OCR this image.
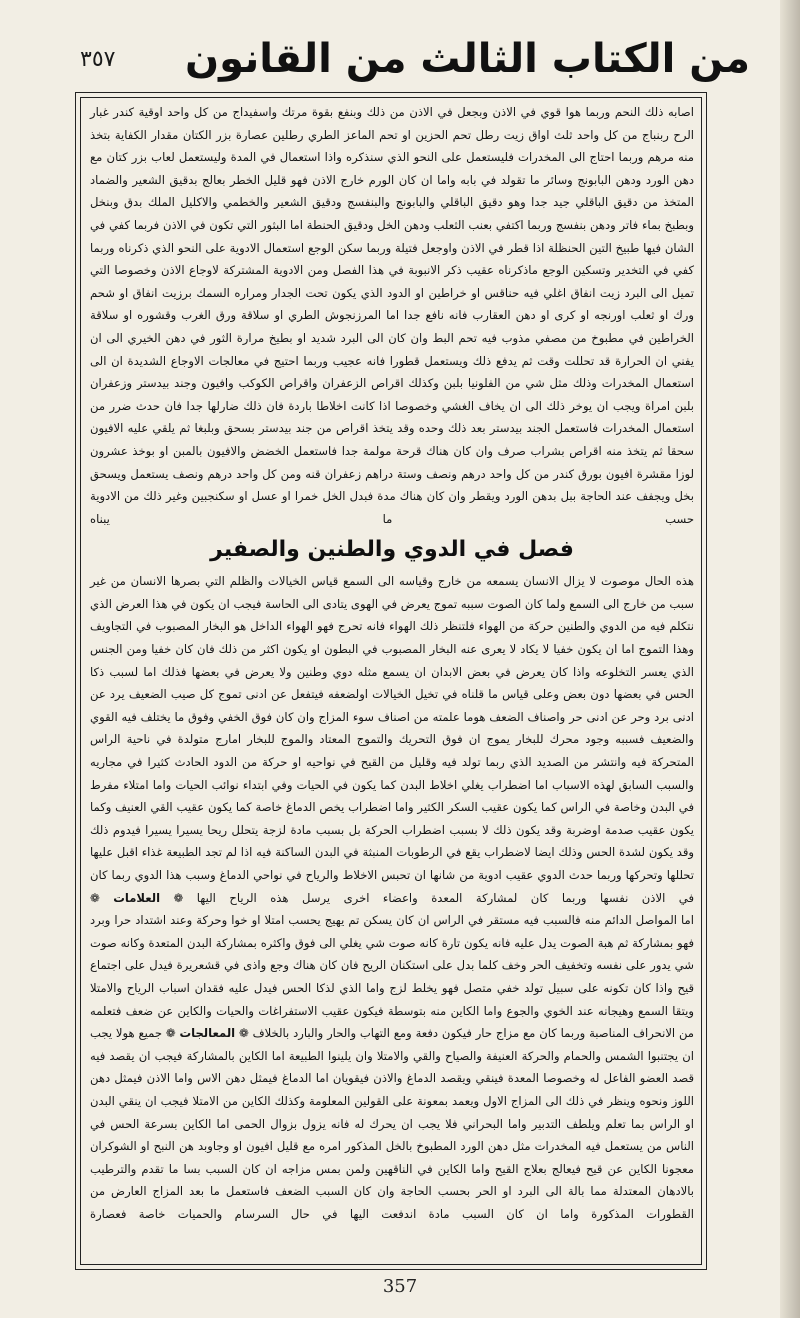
٣٥٧ من الكتاب الثالث من القانون

اصابه ذلك النحم وربما هوا قوي في الاذن وبجعل في الاذن من ذلك وبنفع بقوة مرتك واسفيداج من كل واحد اوقية كندر غبار الرح ربنباج من كل واحد ثلث اواق زيت رطل تحم الحزين او تحم الماعز الطري رطلين عصارة بزر الكتان مقدار الكفاية بتخذ منه مرهم وربما احتاج الى المخدرات فليستعمل على النحو الذي سنذكره واذا استعمال في المدة وليستعمل لعاب بزر كتان مع دهن الورد ودهن البابونج وسائر ما تقولد في بابه واما ان كان الورم خارج الاذن فهو قليل الخطر بعالج بدقيق الشعير والضماد المتخذ من دقيق الباقلي جيد جدا وهو دقيق الباقلي والبابونج والبنفسج ودقيق الشعير والخطمي والاكليل الملك بدق وبنخل وبطبخ بماء فاتر ودهن بنفسج وربما اكتفي بعنب الثعلب ودهن الخل ودقيق الحنطة اما البثور التي تكون في الاذن فربما كفي في الشان فيها طبيخ التين الحنظلة اذا قطر في الاذن واوجعل فتيلة وربما سكن الوجع استعمال الادوية على النحو الذي ذكرناه وربما كفي في التخدير وتسكين الوجع ماذكرناه عقيب ذكر الانبوبة في هذا الفصل ومن الادوية المشتركة لاوجاع الاذن وخصوصا التي تميل الى البرد زيت انفاق اغلي فيه حناقس او خراطين او الدود الذي يكون تحت الجدار ومراره السمك برزيت انفاق او شحم ورك او ثعلب اورنجه او كرى او دهن العقارب فانه نافع جدا اما المرزنجوش الطري او سلاقة ورق الغرب وقشوره او سلاقة الخراطين في مطبوخ من مصفي مذوب فيه تحم البط وان كان الى البرد شديد او بطيخ مرارة الثور في دهن الخيري الى ان يفني ان الحرارة قد تحللت وقت ثم يدفع ذلك ويستعمل قطورا فانه عجيب وربما احتيج في معالجات الاوجاع الشديدة ان الى استعمال المخدرات وذلك مثل شي من الفلونيا بلبن وكذلك اقراص الزعفران واقراص الكوكب وافيون وجند بيدستر وزعفران بلبن امراة ويجب ان يوخر ذلك الى ان يخاف الغشي وخصوصا اذا كانت اخلاطا باردة فان ذلك ضارلها جدا فان حدث ضرر من استعمال المخدرات فاستعمل الجند بيدستر بعد ذلك وحده وقد يتخذ اقراص من جند بيدستر بسحق وبلبغا ثم يلقي عليه الافيون سحقا ثم يتخذ منه اقراص بشراب صرف وان كان هناك قرحة مولمة جدا فاستعمل الخضض والافيون بالمبن او بوخذ عشرون لوزا مقشرة افيون بورق كندر من كل واحد درهم ونصف وستة دراهم زعفران قنه ومن كل واحد درهم ونصف يستعمل ويسحق بخل ويجفف عند الحاجة ببل بدهن الورد ويقطر وان كان هناك مدة فبدل الخل خمرا او عسل او سكنجبين وغير ذلك من الادوية حسب ما يبناه

فصل في الدوي والطنين والصفير

هذه الحال موصوت لا يزال الانسان يسمعه من خارج وقياسه الى السمع قياس الخيالات والظلم التي بصرها الانسان من غير سبب من خارج الى السمع ولما كان الصوت سببه تموج يعرض في الهوى يتادى الى الحاسة فيجب ان يكون في هذا العرض الذي نتكلم فيه من الدوي والطنين حركة من الهواء فلتنظر ذلك الهواء فانه تحرج فهو الهواء الداخل هو البخار المصبوب في التجاويف وهذا التموج اما ان يكون خفيا لا يكاد لا يعرى عنه البخار المصبوب في البطون او يكون اكثر من ذلك فان كان خفيا ومن الجنس الذي يعسر التخلوعه واذا كان يعرض في بعض الابدان ان يسمع مثله دوي وطنين ولا يعرض في بعضها فذلك اما لسبب ذكا الحس في بعضها دون بعض وعلى قياس ما قلناه في تخيل الخيالات اولضعفه فيتفعل عن ادنى تموج كل صيب الضعيف يرد عن ادنى برد وحر عن ادنى حر واصناف الضعف هوما علمته من اصناف سوء المزاج وان كان فوق الخفي وفوق ما يختلف فيه القوي والضعيف فسببه وجود محرك للبخار يموج ان فوق التحريك والتموج المعتاد والموج للبخار امارج متولدة في ناحية الراس المتحركة فيه وانتشر من الصديد الذي ربما تولد فيه وقليل من القيح في نواحيه او حركة من الدود الحادث كثيرا في مجاريه والسبب السابق لهذه الاسباب اما اضطراب يغلي اخلاط البدن كما يكون في الحيات وفي ابتداء نوائب الحيات واما امتلاء مفرط في البدن وخاصة في الراس كما يكون عقيب السكر الكثير واما اضطراب يخص الدماغ خاصة كما يكون عقيب القي العنيف وكما يكون عقيب صدمة اوضربة وقد يكون ذلك لا بسبب اضطراب الحركة بل بسبب مادة لزجة يتحلل ريحا يسيرا يسيرا فيدوم ذلك وقد يكون لشدة الحس وذلك ايضا لاضطراب يقع في الرطوبات المنبثة في البدن الساكنة فيه اذا لم تجد الطبيعة غذاء اقبل عليها تحللها وتحركها وربما حدث الدوي عقيب ادوية من شانها ان تحبس الاخلاط والرياح في نواحي الدماغ وسبب هذا الدوي ربما كان في الاذن نفسها وربما كان لمشاركة المعدة واعضاء اخرى يرسل هذه الرياح اليها ❁ العلامات ❁

اما المواصل الدائم منه فالسبب فيه مستقر في الراس ان كان يسكن تم يهيج يحسب امتلا او خوا وحركة وعند اشتداد حرا وبرد فهو بمشاركة ثم هبة الصوت يدل عليه فانه يكون تارة كانه صوت شي يغلي الى فوق واكثره بمشاركة البدن المتعدة وكانه صوت شي يدور على نفسه وتخفيف الحر وخف كلما بدل على استكنان الريح فان كان هناك وجع واذى في قشعريرة فيدل على اجتماع قيح واذا كان تكونه على سبيل تولد خفي متصل فهو يخلط لزج واما الذي لذكا الحس فيدل عليه فقدان اسباب الرياح والامتلا ويتقا السمع وهيجانه عند الخوي والجوع واما الكاين منه بتوسطة فيكون عقيب الاستفراغات والحيات والكاين عن ضعف فتعلمه من الانحراف المناصبة وربما كان مع مزاج حار فيكون دفعة ومع التهاب والحار والبارد بالخلاف ❁ المعالجات ❁ جميع هولا يجب ان يجتنبوا الشمس والحمام والحركة العنيفة والصياح والقي والامتلا وان يلينوا الطبيعة اما الكاين بالمشاركة فيجب ان يقصد فيه قصد العضو الفاعل له وخصوصا المعدة فينقي ويقصد الدماغ والاذن فيقويان اما الدماغ فيمثل دهن الاس واما الاذن فيمثل دهن اللوز ونحوه وينظر في ذلك الى المزاج الاول ويعمد بمعونة على القولين المعلومة وكذلك الكاين من الامتلا فيجب ان ينقي البدن او الراس بما تعلم ويلطف التدبير واما البحراني فلا يجب ان يحرك له فانه يزول بزوال الحمى اما الكاين بسرعة الحس في الناس من يستعمل فيه المخدرات مثل دهن الورد المطبوخ بالخل المذكور امره مع قليل افيون او وجاوبد هن النبح او الشوكران معجونا الكاين عن قيح فيعالج بعلاج القيح واما الكاين في الناقهين ولمن بمس مزاجه ان كان السبب بسا ما تقدم والترطيب بالادهان المعتدلة مما بالة الى البرد او الحر بحسب الحاجة وان كان السبب الضعف فاستعمل ما بعد المزاج العارض من القطورات المذكورة واما ان كان السبب مادة اندفعت اليها في حال السرسام والحميات خاصة فعصارة

357
